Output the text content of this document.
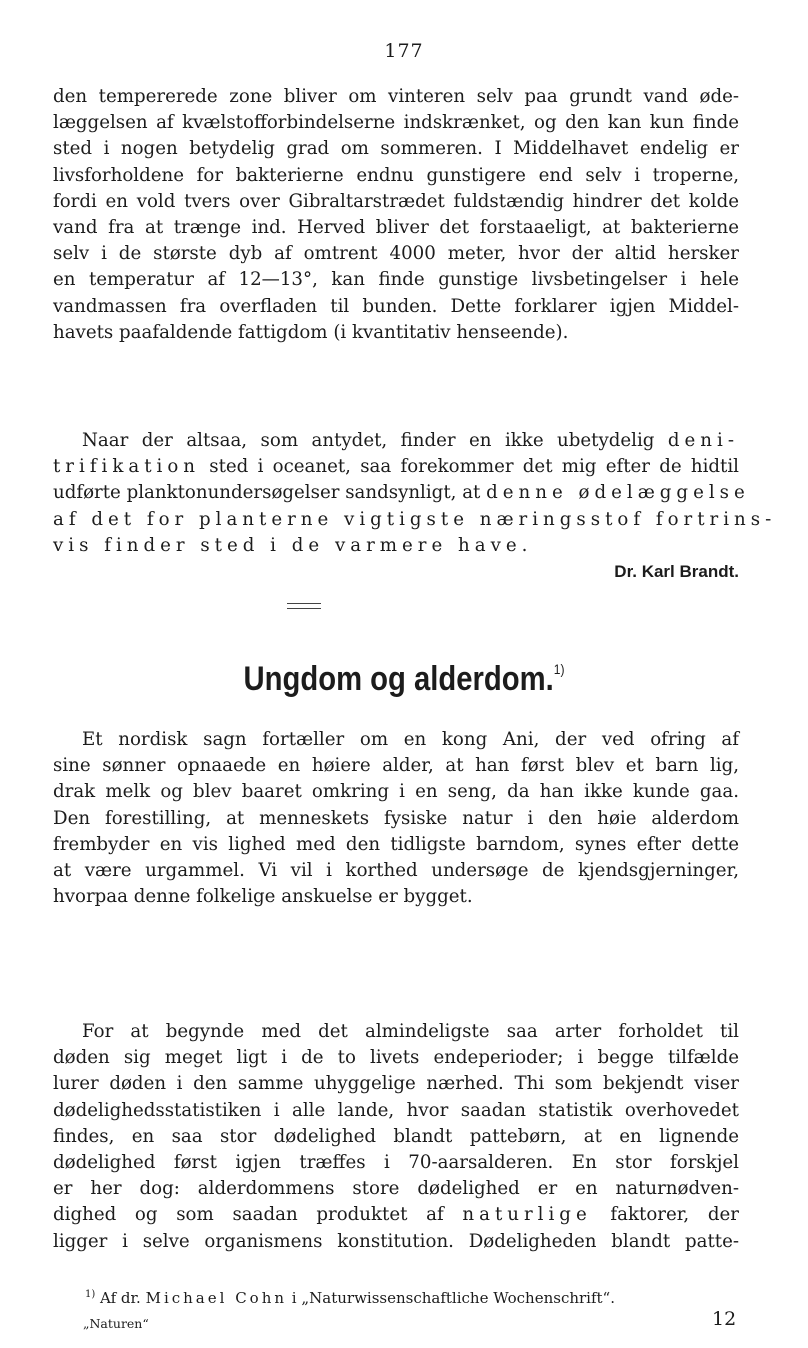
177
den tempererede zone bliver om vinteren selv paa grundt vand øde-
læggelsen af kvælstofforbindelserne indskrænket, og den kan kun finde
sted i nogen betydelig grad om sommeren. I Middelhavet endelig er
livsforholdene for bakterierne endnu gunstigere end selv i troperne,
fordi en vold tvers over Gibraltarstrædet fuldstændig hindrer det kolde
vand fra at trænge ind. Herved bliver det forstaaeligt, at bakterierne
selv i de største dyb af omtrent 4000 meter, hvor der altid hersker
en temperatur af 12—13°, kan finde gunstige livsbetingelser i hele
vandmassen fra overfladen til bunden. Dette forklarer igjen Middel-
havets paafaldende fattigdom (i kvantitativ henseende).
Naar der altsaa, som antydet, finder en ikke ubetydelig deni-
trifikation sted i oceanet, saa forekommer det mig efter de hidtil
udførte planktonundersøgelser sandsynligt, at denne ødelæggelse
af det for planterne vigtigste næringsstof fortrins-
vis finder sted i de varmere have.
Dr. Karl Brandt.
Ungdom og alderdom.$^{1)}$
Et nordisk sagn fortæller om en kong Ani, der ved ofring af
sine sønner opnaaede en høiere alder, at han først blev et barn lig,
drak melk og blev baaret omkring i en seng, da han ikke kunde gaa.
Den forestilling, at menneskets fysiske natur i den høie alderdom
frembyder en vis lighed med den tidligste barndom, synes efter dette
at være urgammel. Vi vil i korthed undersøge de kjendsgjerninger,
hvorpaa denne folkelige anskuelse er bygget.
For at begynde med det almindeligste saa arter forholdet til
døden sig meget ligt i de to livets endeperioder; i begge tilfælde
lurer døden i den samme uhyggelige nærhed. Thi som bekjendt viser
dødelighedsstatistiken i alle lande, hvor saadan statistik overhovedet
findes, en saa stor dødelighed blandt pattebørn, at en lignende
dødelighed først igjen træffes i 70-aarsalderen. En stor forskjel
er her dog: alderdommens store dødelighed er en naturnødven-
dighed og som saadan produktet af naturlige faktorer, der
ligger i selve organismens konstitution. Dødeligheden blandt patte-
$^{1)}$ Af dr. Michael Cohn i „Naturwissenschaftliche Wochenschrift“.
„Naturen“	12
